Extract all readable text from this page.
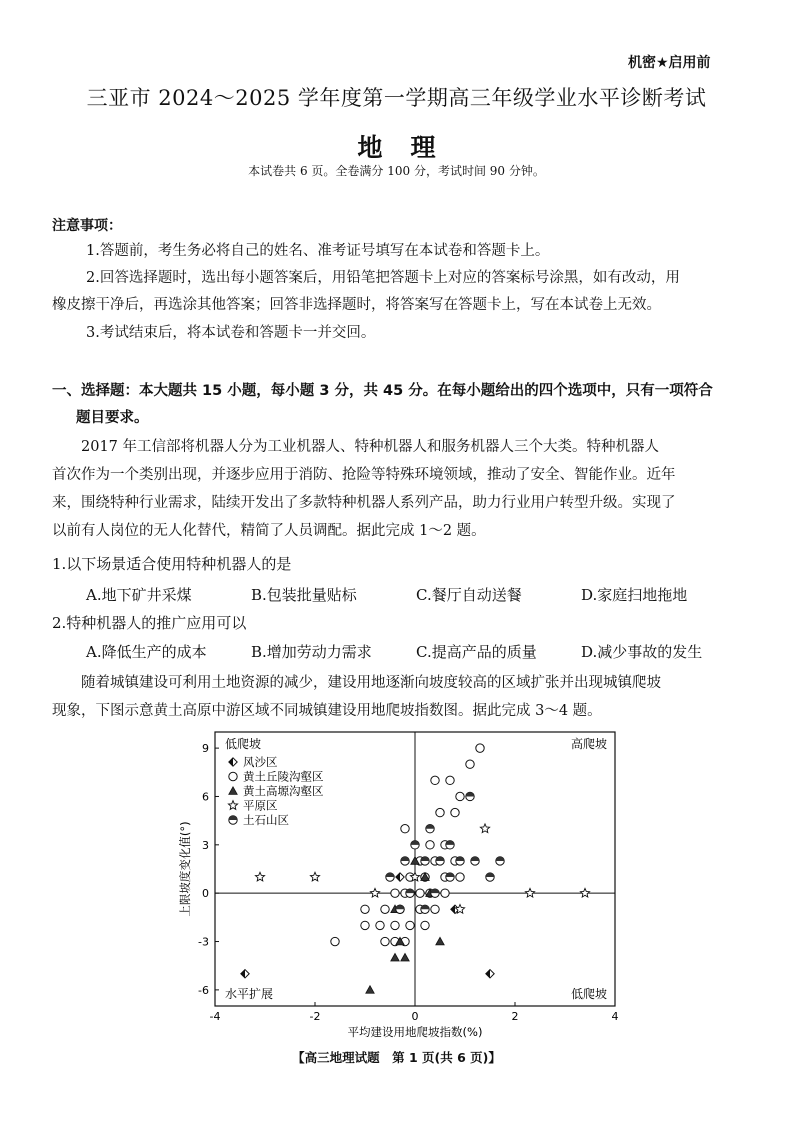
机密★启用前
三亚市 2024～2025 学年度第一学期高三年级学业水平诊断考试
地理
本试卷共 6 页。全卷满分 100 分，考试时间 90 分钟。
注意事项：
1.答题前，考生务必将自己的姓名、准考证号填写在本试卷和答题卡上。
2.回答选择题时，选出每小题答案后，用铅笔把答题卡上对应的答案标号涂黑，如有改动，用
橡皮擦干净后，再选涂其他答案；回答非选择题时，将答案写在答题卡上，写在本试卷上无效。
3.考试结束后，将本试卷和答题卡一并交回。
一、选择题：本大题共 15 小题，每小题 3 分，共 45 分。在每小题给出的四个选项中，只有一项符合
题目要求。
　　2017 年工信部将机器人分为工业机器人、特种机器人和服务机器人三个大类。特种机器人
首次作为一个类别出现，并逐步应用于消防、抢险等特殊环境领域，推动了安全、智能作业。近年
来，围绕特种行业需求，陆续开发出了多款特种机器人系列产品，助力行业用户转型升级。实现了
以前有人岗位的无人化替代，精简了人员调配。据此完成 1～2 题。
1.以下场景适合使用特种机器人的是
A.地下矿井采煤	B.包装批量贴标	C.餐厅自动送餐	D.家庭扫地拖地
2.特种机器人的推广应用可以
A.降低生产的成本	B.增加劳动力需求	C.提高产品的质量	D.减少事故的发生
　　随着城镇建设可利用土地资源的减少，建设用地逐渐向坡度较高的区域扩张并出现城镇爬坡
现象，下图示意黄土高原中游区域不同城镇建设用地爬坡指数图。据此完成 3～4 题。
-4	-2	0	2	4
-6
-3
0
3
6
9
平均建设用地爬坡指数(%)
上限坡度变化值(°)
低爬坡	高爬坡
水平扩展	低爬坡
风沙区
黄土丘陵沟壑区
黄土高塬沟壑区
平原区
土石山区
【高三地理试题　第 1 页(共 6 页)】
